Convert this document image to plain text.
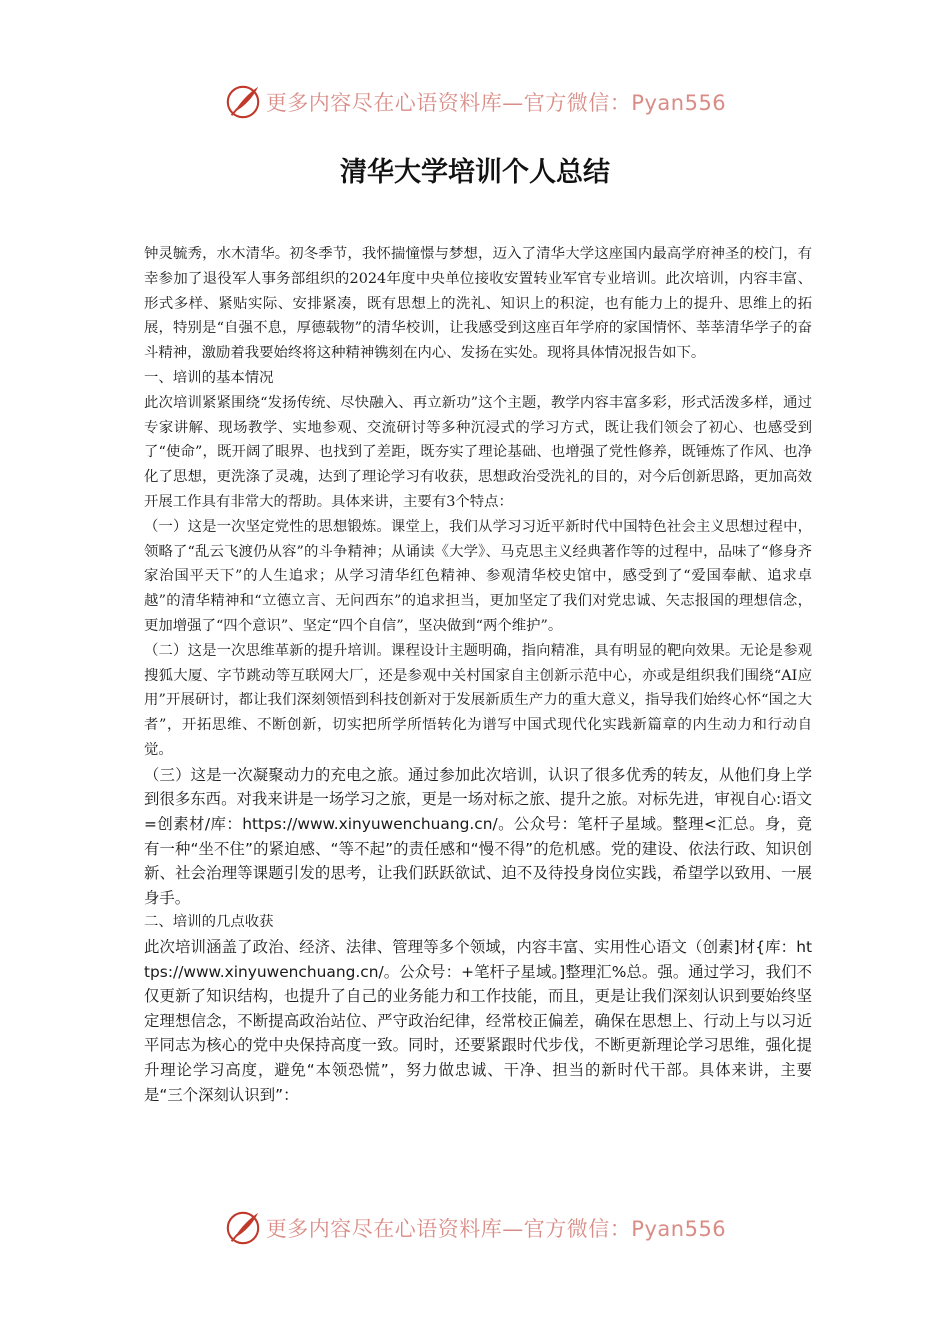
更多内容尽在心语资料库—官方微信：Pyan556
清华大学培训个人总结

钟灵毓秀，水木清华。初冬季节，我怀揣憧憬与梦想，迈入了清华大学这座国内最高学府神圣的校门，有幸参加了退役军人事务部组织的2024年度中央单位接收安置转业军官专业培训。此次培训，内容丰富、形式多样、紧贴实际、安排紧凑，既有思想上的洗礼、知识上的积淀，也有能力上的提升、思维上的拓展，特别是“自强不息，厚德载物”的清华校训，让我感受到这座百年学府的家国情怀、莘莘清华学子的奋斗精神，激励着我要始终将这种精神镌刻在内心、发扬在实处。现将具体情况报告如下。

一、培训的基本情况

此次培训紧紧围绕“发扬传统、尽快融入、再立新功”这个主题，教学内容丰富多彩，形式活泼多样，通过专家讲解、现场教学、实地参观、交流研讨等多种沉浸式的学习方式，既让我们领会了初心、也感受到了“使命”，既开阔了眼界、也找到了差距，既夯实了理论基础、也增强了党性修养，既锤炼了作风、也净化了思想，更洗涤了灵魂，达到了理论学习有收获，思想政治受洗礼的目的，对今后创新思路，更加高效开展工作具有非常大的帮助。具体来讲，主要有3个特点：

（一）这是一次坚定党性的思想锻炼。课堂上，我们从学习习近平新时代中国特色社会主义思想过程中，领略了“乱云飞渡仍从容”的斗争精神；从诵读《大学》、马克思主义经典著作等的过程中，品味了“修身齐家治国平天下”的人生追求；从学习清华红色精神、参观清华校史馆中，感受到了“爱国奉献、追求卓越”的清华精神和“立德立言、无问西东”的追求担当，更加坚定了我们对党忠诚、矢志报国的理想信念，更加增强了“四个意识”、坚定“四个自信”，坚决做到“两个维护”。

（二）这是一次思维革新的提升培训。课程设计主题明确，指向精准，具有明显的靶向效果。无论是参观搜狐大厦、字节跳动等互联网大厂，还是参观中关村国家自主创新示范中心，亦或是组织我们围绕“AI应用”开展研讨，都让我们深刻领悟到科技创新对于发展新质生产力的重大意义，指导我们始终心怀“国之大者”，开拓思维、不断创新，切实把所学所悟转化为谱写中国式现代化实践新篇章的内生动力和行动自觉。

（三）这是一次凝聚动力的充电之旅。通过参加此次培训，认识了很多优秀的转友，从他们身上学到很多东西。对我来讲是一场学习之旅，更是一场对标之旅、提升之旅。对标先进，审视自心:语文=创素材/库：https://www.xinyuwenchuang.cn/。公众号：笔杆子星域。整理<汇总。身，竟有一种“坐不住”的紧迫感、“等不起”的责任感和“慢不得”的危机感。党的建设、依法行政、知识创新、社会治理等课题引发的思考，让我们跃跃欲试、迫不及待投身岗位实践，希望学以致用、一展身手。

二、培训的几点收获

此次培训涵盖了政治、经济、法律、管理等多个领域，内容丰富、实用性心语文（创素]材{库：https://www.xinyuwenchuang.cn/。公众号：+笔杆子星域。]整理汇%总。强。通过学习，我们不仅更新了知识结构，也提升了自己的业务能力和工作技能，而且，更是让我们深刻认识到要始终坚定理想信念，不断提高政治站位、严守政治纪律，经常校正偏差，确保在思想上、行动上与以习近平同志为核心的党中央保持高度一致。同时，还要紧跟时代步伐，不断更新理论学习思维，强化提升理论学习高度，避免“本领恐慌”，努力做忠诚、干净、担当的新时代干部。具体来讲，主要是“三个深刻认识到”：

更多内容尽在心语资料库—官方微信：Pyan556
